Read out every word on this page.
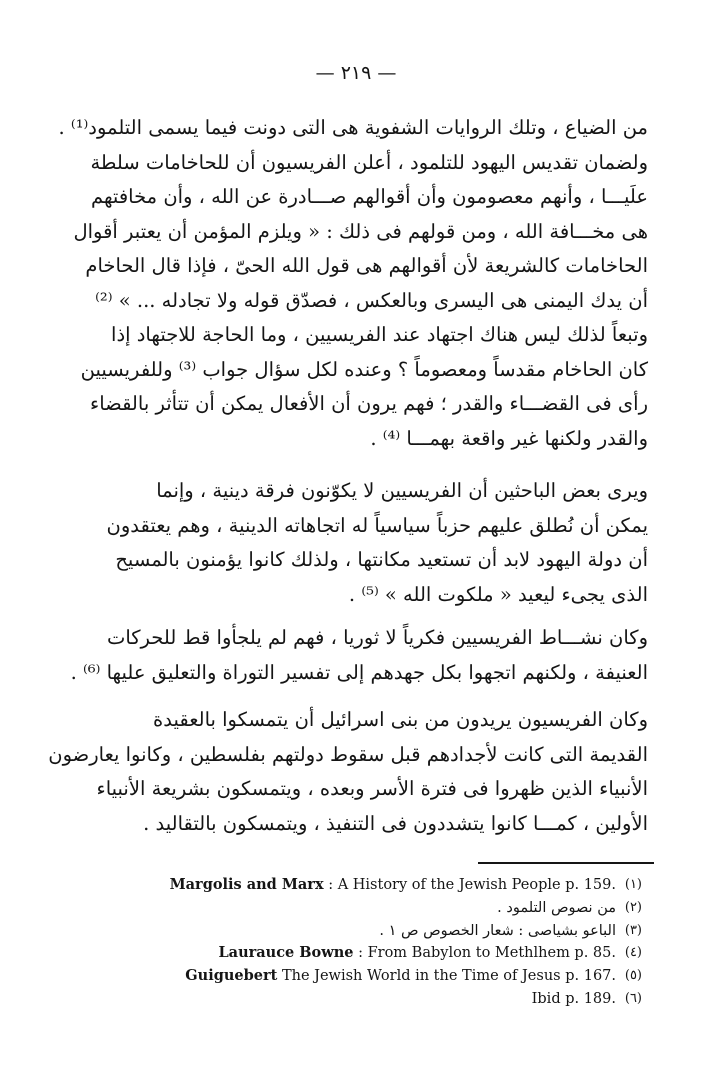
— ٢١٩ —
من الضياع ، وتلك الروايات الشفوية هى التى دونت فيما يسمى التلمود⁽¹⁾ .
ولضمان تقديس اليهود للتلمود ، أعلن الفريسيون أن للحاخامات سلطة
علَيـــا ، وأنهم معصومون وأن أقوالهم صـــادرة عن الله ، وأن مخافتهم
هى مخـــافة الله ، ومن قولهم فى ذلك : « ويلزم المؤمن أن يعتبر أقوال
الحاخامات كالشريعة لأن أقوالهم هى قول الله الحىّ ، فإذا قال الحاخام
أن يدك اليمنى هى اليسرى وبالعكس ، فصدّق قوله ولا تجادله ... » ⁽²⁾
وتبعاً لذلك ليس هناك اجتهاد عند الفريسيين ، وما الحاجة للاجتهاد إذا
كان الحاخام مقدساً ومعصوماً ؟ وعنده لكل سؤال جواب ⁽³⁾ وللفريسيين
رأى فى القضـــاء والقدر ؛ فهم يرون أن الأفعال يمكن أن تتأثر بالقضاء
والقدر ولكنها غير واقعة بهمـــا ⁽⁴⁾ .
ويرى بعض الباحثين أن الفريسيين لا يكوّنون فرقة دينية ، وإنما
يمكن أن نُطلق عليهم حزباً سياسياً له اتجاهاته الدينية ، وهم يعتقدون
أن دولة اليهود لابد أن تستعيد مكانتها ، ولذلك كانوا يؤمنون بالمسيح
الذى يجىء ليعيد « ملكوت الله » ⁽⁵⁾ .
وكان نشـــاط الفريسيين فكرياً لا ثوريا ، فهم لم يلجأوا قط للحركات
العنيفة ، ولكنهم اتجهوا بكل جهدهم إلى تفسير التوراة والتعليق عليها ⁽⁶⁾ .
وكان الفريسيون يريدون من بنى اسرائيل أن يتمسكوا بالعقيدة
القديمة التى كانت لأجدادهم قبل سقوط دولتهم بفلسطين ، وكانوا يعارضون
الأنبياء الذين ظهروا فى فترة الأسر وبعده ، ويتمسكون بشريعة الأنبياء
الأولين ، كمـــا كانوا يتشددون فى التنفيذ ، ويتمسكون بالتقاليد .
(١)
Margolis and Marx : A History of the Jewish People p. 159.
(٢)
من نصوص التلمود .
(٣)
الباعو بشياصى : شعار الخصوص ص ١ .
(٤)
Laurauce Bowne : From Babylon to Methlhem p. 85.
(٥)
Guiguebert The Jewish World in the Time of Jesus p. 167.
(٦)
Ibid p. 189.
